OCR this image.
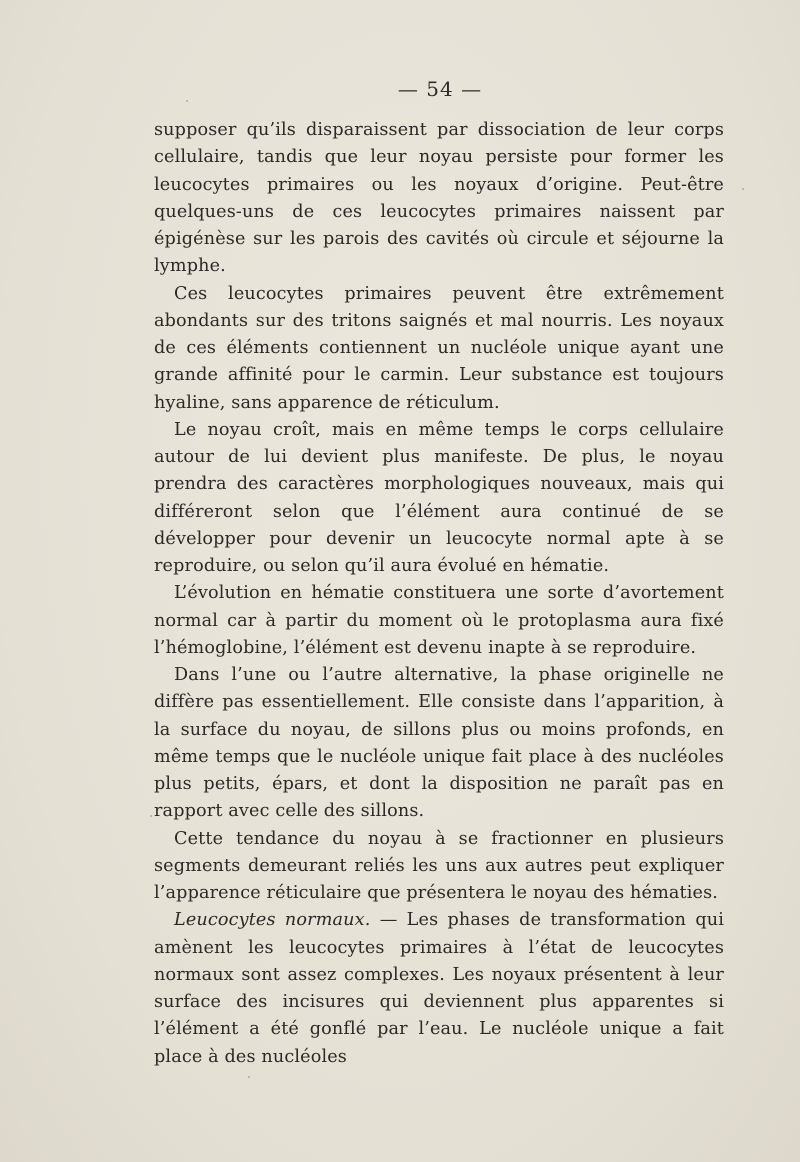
— 54 —

supposer qu’ils disparaissent par dissociation de leur corps cellulaire, tandis que leur noyau persiste pour former les leucocytes primaires ou les noyaux d’origine. Peut-être quelques-uns de ces leucocytes primaires naissent par épigénèse sur les parois des cavités où circule et séjourne la lymphe.

Ces leucocytes primaires peuvent être extrêmement abondants sur des tritons saignés et mal nourris. Les noyaux de ces éléments contiennent un nucléole unique ayant une grande affinité pour le carmin. Leur substance est toujours hyaline, sans apparence de réticulum.

Le noyau croît, mais en même temps le corps cellulaire autour de lui devient plus manifeste. De plus, le noyau prendra des caractères morphologiques nouveaux, mais qui différeront selon que l’élément aura continué de se développer pour devenir un leucocyte normal apte à se reproduire, ou selon qu’il aura évolué en hématie.

L’évolution en hématie constituera une sorte d’avortement normal car à partir du moment où le protoplasma aura fixé l’hémoglobine, l’élément est devenu inapte à se reproduire.

Dans l’une ou l’autre alternative, la phase originelle ne diffère pas essentiellement. Elle consiste dans l’apparition, à la surface du noyau, de sillons plus ou moins profonds, en même temps que le nucléole unique fait place à des nucléoles plus petits, épars, et dont la disposition ne paraît pas en rapport avec celle des sillons.

Cette tendance du noyau à se fractionner en plusieurs segments demeurant reliés les uns aux autres peut expliquer l’apparence réticulaire que présentera le noyau des hématies.

Leucocytes normaux. — Les phases de transformation qui amènent les leucocytes primaires à l’état de leucocytes normaux sont assez complexes. Les noyaux présentent à leur surface des incisures qui deviennent plus apparentes si l’élément a été gonflé par l’eau. Le nucléole unique a fait place à des nucléoles
